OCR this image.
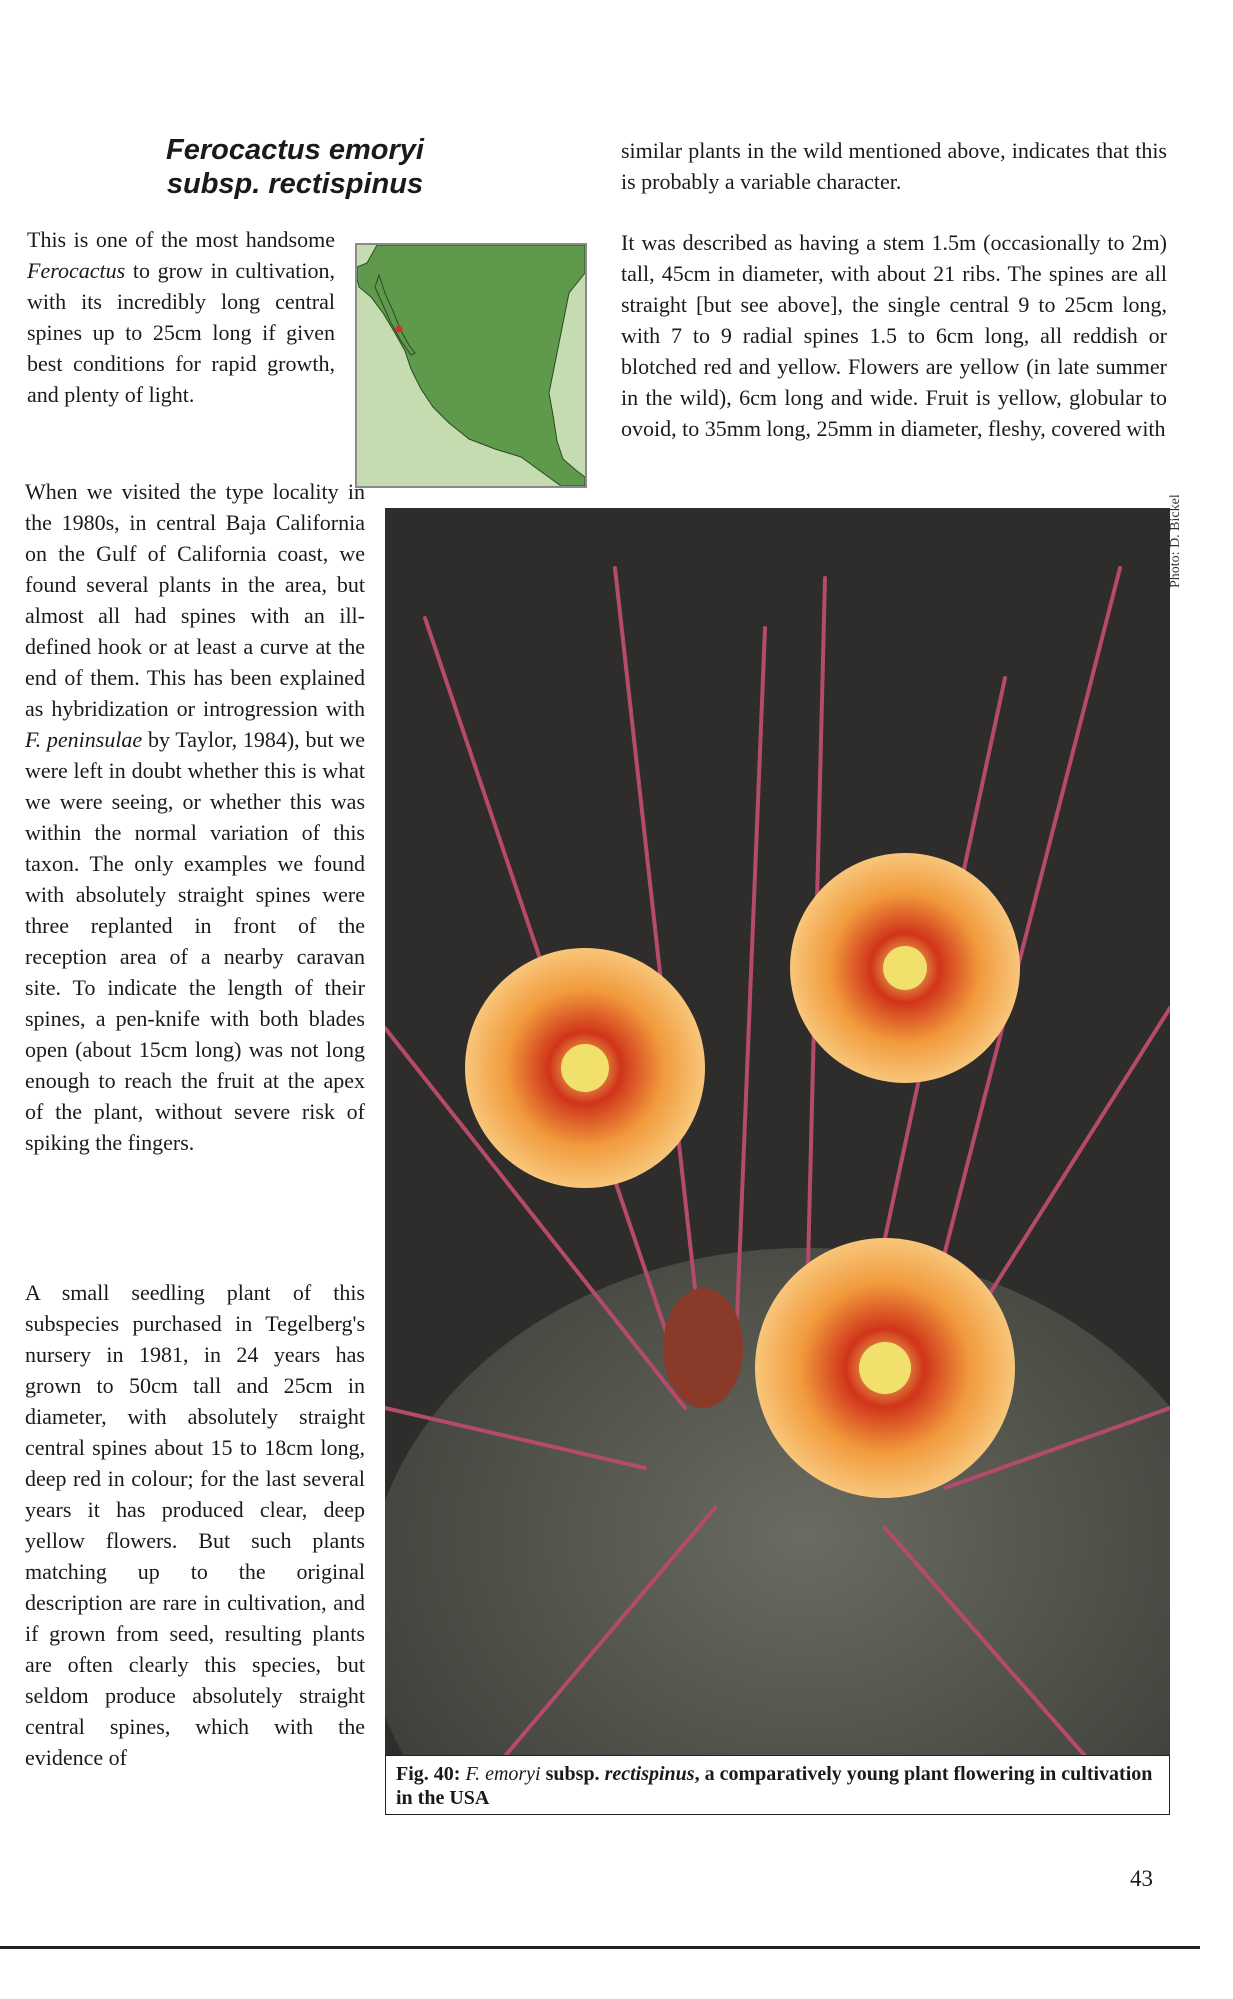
Ferocactus emoryi
subsp. rectispinus

This is one of the most handsome Ferocactus to grow in cultivation, with its incredibly long central spines up to 25cm long if given best conditions for rapid growth, and plenty of light.

When we visited the type locality in the 1980s, in central Baja California on the Gulf of California coast, we found several plants in the area, but almost all had spines with an ill-defined hook or at least a curve at the end of them. This has been explained as hybridization or introgression with F. peninsulae by Taylor, 1984), but we were left in doubt whether this is what we were seeing, or whether this was within the normal variation of this taxon. The only examples we found with absolutely straight spines were three replanted in front of the reception area of a nearby caravan site. To indicate the length of their spines, a pen-knife with both blades open (about 15cm long) was not long enough to reach the fruit at the apex of the plant, without severe risk of spiking the fingers.

A small seedling plant of this subspecies purchased in Tegelberg's nursery in 1981, in 24 years has grown to 50cm tall and 25cm in diameter, with absolutely straight central spines about 15 to 18cm long, deep red in colour; for the last several years it has produced clear, deep yellow flowers. But such plants matching up to the original description are rare in cultivation, and if grown from seed, resulting plants are often clearly this species, but seldom produce absolutely straight central spines, which with the evidence of

similar plants in the wild mentioned above, indicates that this is probably a variable character.

It was described as having a stem 1.5m (occasionally to 2m) tall, 45cm in diameter, with about 21 ribs. The spines are all straight [but see above], the single central 9 to 25cm long, with 7 to 9 radial spines 1.5 to 6cm long, all reddish or blotched red and yellow. Flowers are yellow (in late summer in the wild), 6cm long and wide. Fruit is yellow, globular to ovoid, to 35mm long, 25mm in diameter, fleshy, covered with

Photo: D. Bickel
Fig. 40: F. emoryi subsp. rectispinus, a comparatively young plant flowering in cultivation in the USA
43
